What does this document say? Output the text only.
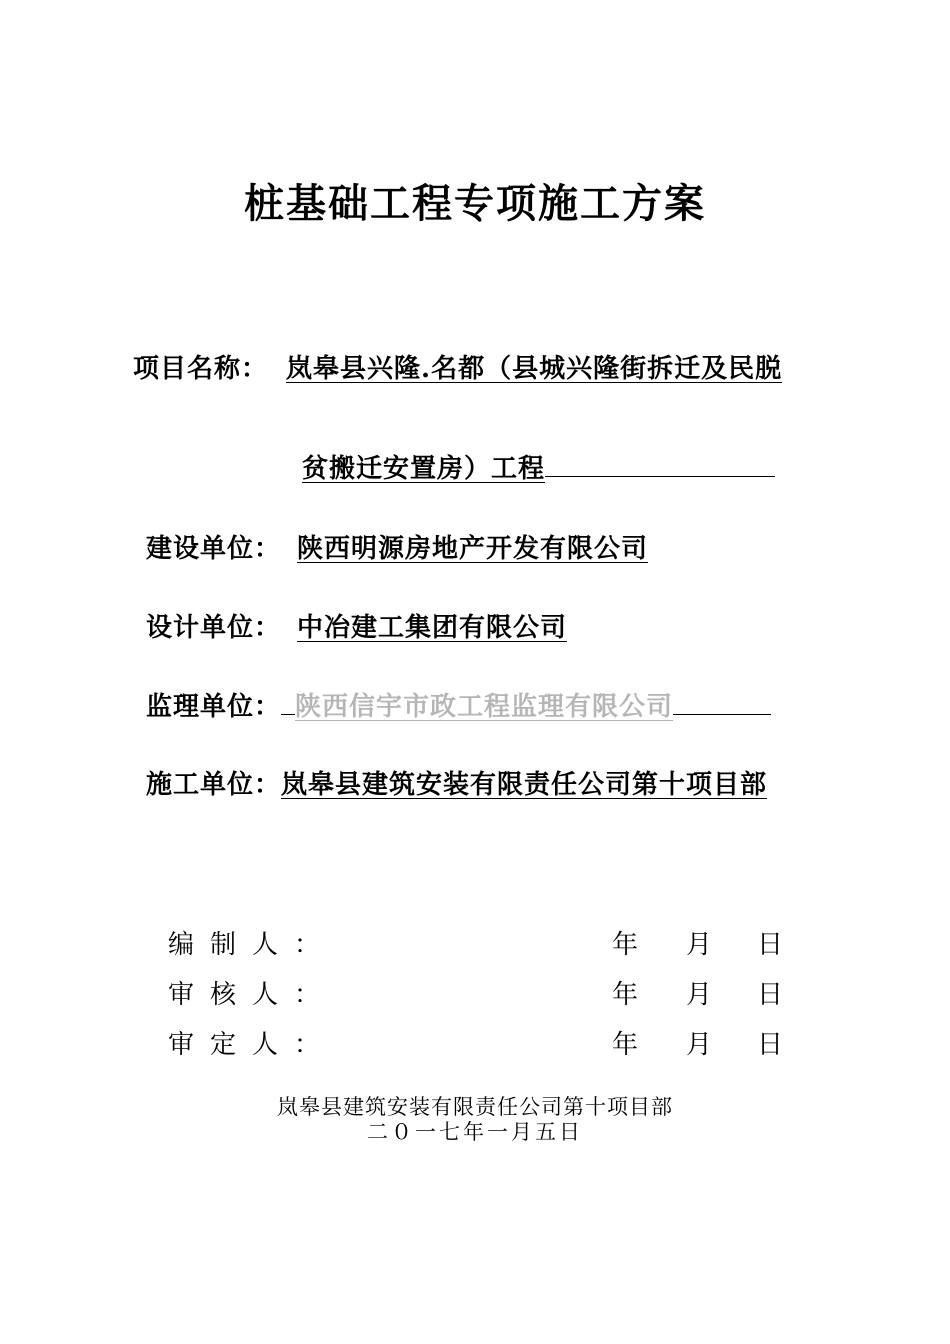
桩基础工程专项施工方案
项目名称： 岚皋县兴隆.名都（县城兴隆街拆迁及民脱
贫搬迁安置房）工程
建设单位： 陕西明源房地产开发有限公司
设计单位： 中冶建工集团有限公司
监理单位： 陕西信宇市政工程监理有限公司
施工单位：岚皋县建筑安装有限责任公司第十项目部
编制人：	年 月 日
审核人：	年 月 日
审定人：	年 月 日
岚皋县建筑安装有限责任公司第十项目部
二０一七年一月五日
